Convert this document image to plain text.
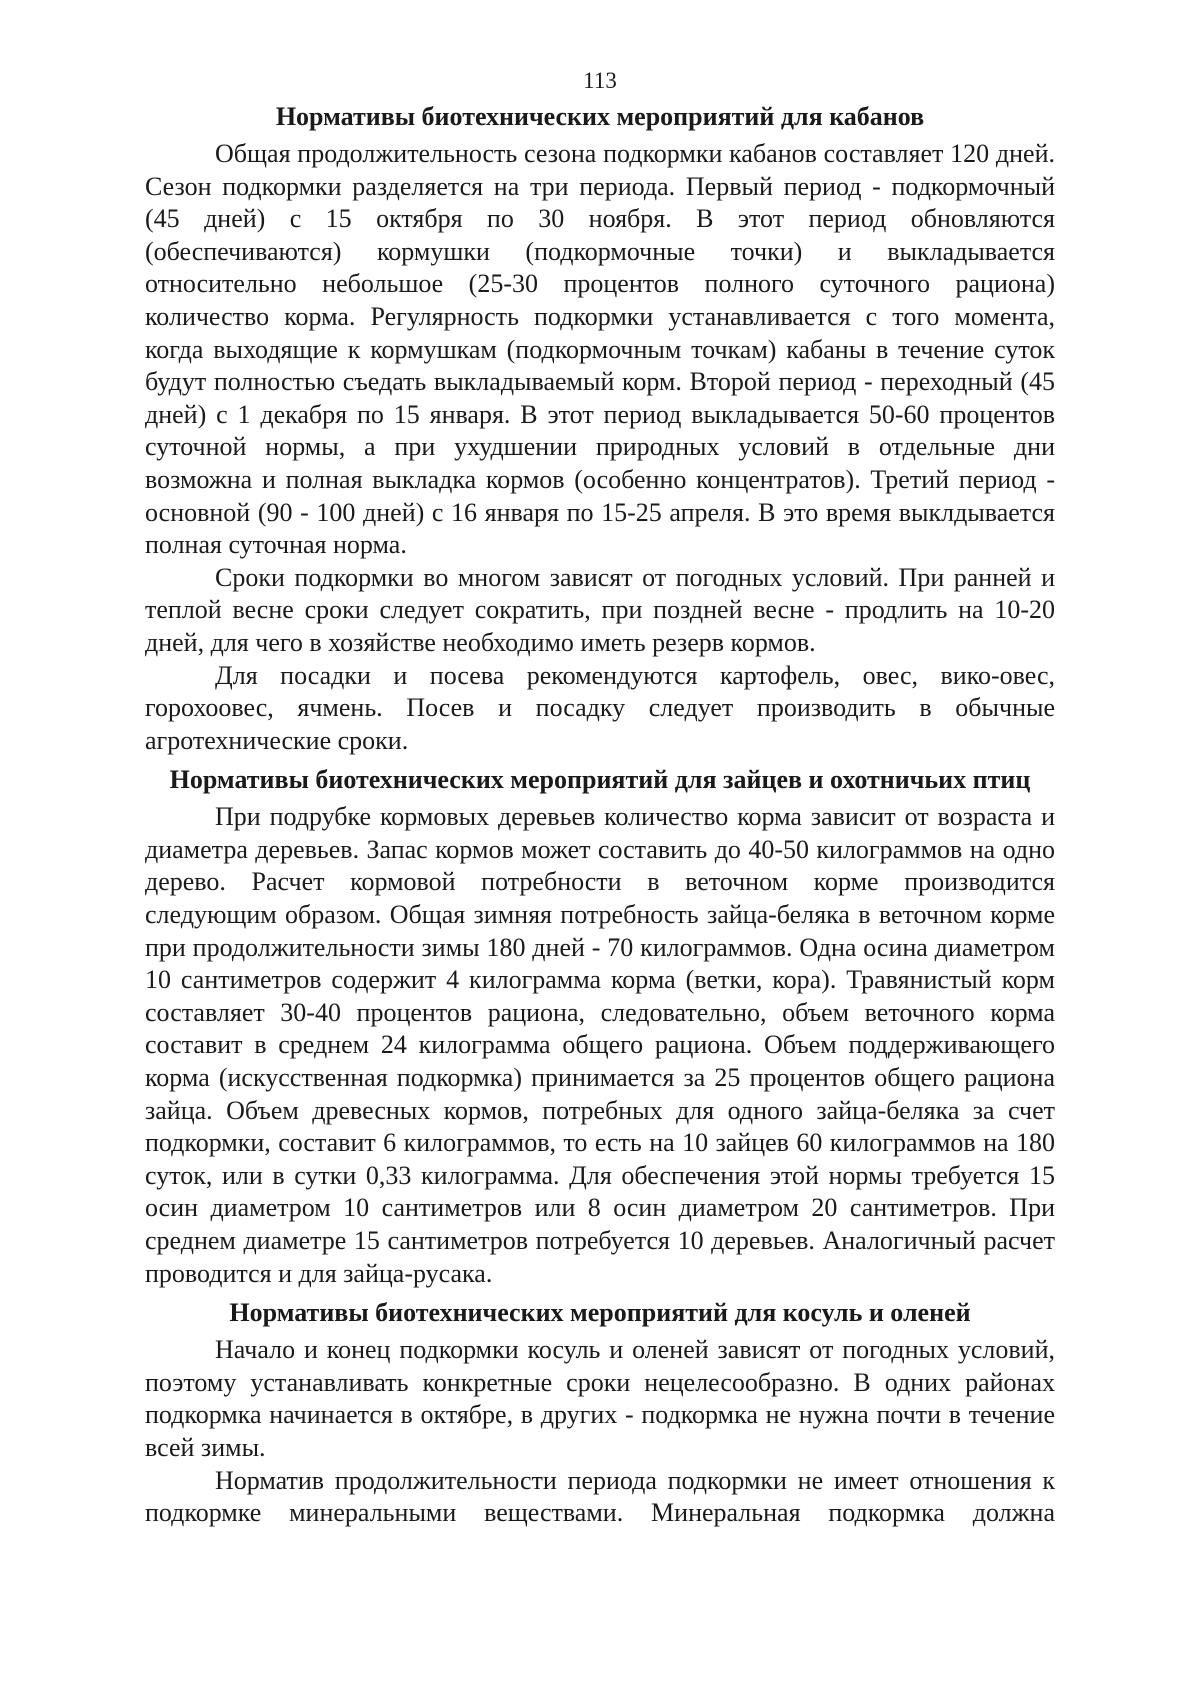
113
Нормативы биотехнических мероприятий для кабанов

Общая продолжительность сезона подкормки кабанов составляет 120 дней. Сезон подкормки разделяется на три периода. Первый период - подкормочный (45 дней) с 15 октября по 30 ноября. В этот период обновляются (обеспечиваются) кормушки (подкормочные точки) и выкладывается относительно небольшое (25-30 процентов полного суточного рациона) количество корма. Регулярность подкормки устанавливается с того момента, когда выходящие к кормушкам (подкормочным точкам) кабаны в течение суток будут полностью съедать выкладываемый корм. Второй период - переходный (45 дней) с 1 декабря по 15 января. В этот период выкладывается 50-60 процентов суточной нормы, а при ухудшении природных условий в отдельные дни возможна и полная выкладка кормов (особенно концентратов). Третий период - основной (90 - 100 дней) с 16 января по 15-25 апреля. В это время выклдывается полная суточная норма.

Сроки подкормки во многом зависят от погодных условий. При ранней и теплой весне сроки следует сократить, при поздней весне - продлить на 10-20 дней, для чего в хозяйстве необходимо иметь резерв кормов.

Для посадки и посева рекомендуются картофель, овес, вико-овес, горохоовес, ячмень. Посев и посадку следует производить в обычные агротехнические сроки.

Нормативы биотехнических мероприятий для зайцев и охотничьих птиц

При подрубке кормовых деревьев количество корма зависит от возраста и диаметра деревьев. Запас кормов может составить до 40-50 килограммов на одно дерево. Расчет кормовой потребности в веточном корме производится следующим образом. Общая зимняя потребность зайца-беляка в веточном корме при продолжительности зимы 180 дней - 70 килограммов. Одна осина диаметром 10 сантиметров содержит 4 килограмма корма (ветки, кора). Травянистый корм составляет 30-40 процентов рациона, следовательно, объем веточного корма составит в среднем 24 килограмма общего рациона. Объем поддерживающего корма (искусственная подкормка) принимается за 25 процентов общего рациона зайца. Объем древесных кормов, потребных для одного зайца-беляка за счет подкормки, составит 6 килограммов, то есть на 10 зайцев 60 килограммов на 180 суток, или в сутки 0,33 килограмма. Для обеспечения этой нормы требуется 15 осин диаметром 10 сантиметров или 8 осин диаметром 20 сантиметров. При среднем диаметре 15 сантиметров потребуется 10 деревьев. Аналогичный расчет проводится и для зайца-русака.

Нормативы биотехнических мероприятий для косуль и оленей

Начало и конец подкормки косуль и оленей зависят от погодных условий, поэтому устанавливать конкретные сроки нецелесообразно. В одних районах подкормка начинается в октябре, в других - подкормка не нужна почти в течение всей зимы.

Норматив продолжительности периода подкормки не имеет отношения к подкормке минеральными веществами. Минеральная подкормка должна
